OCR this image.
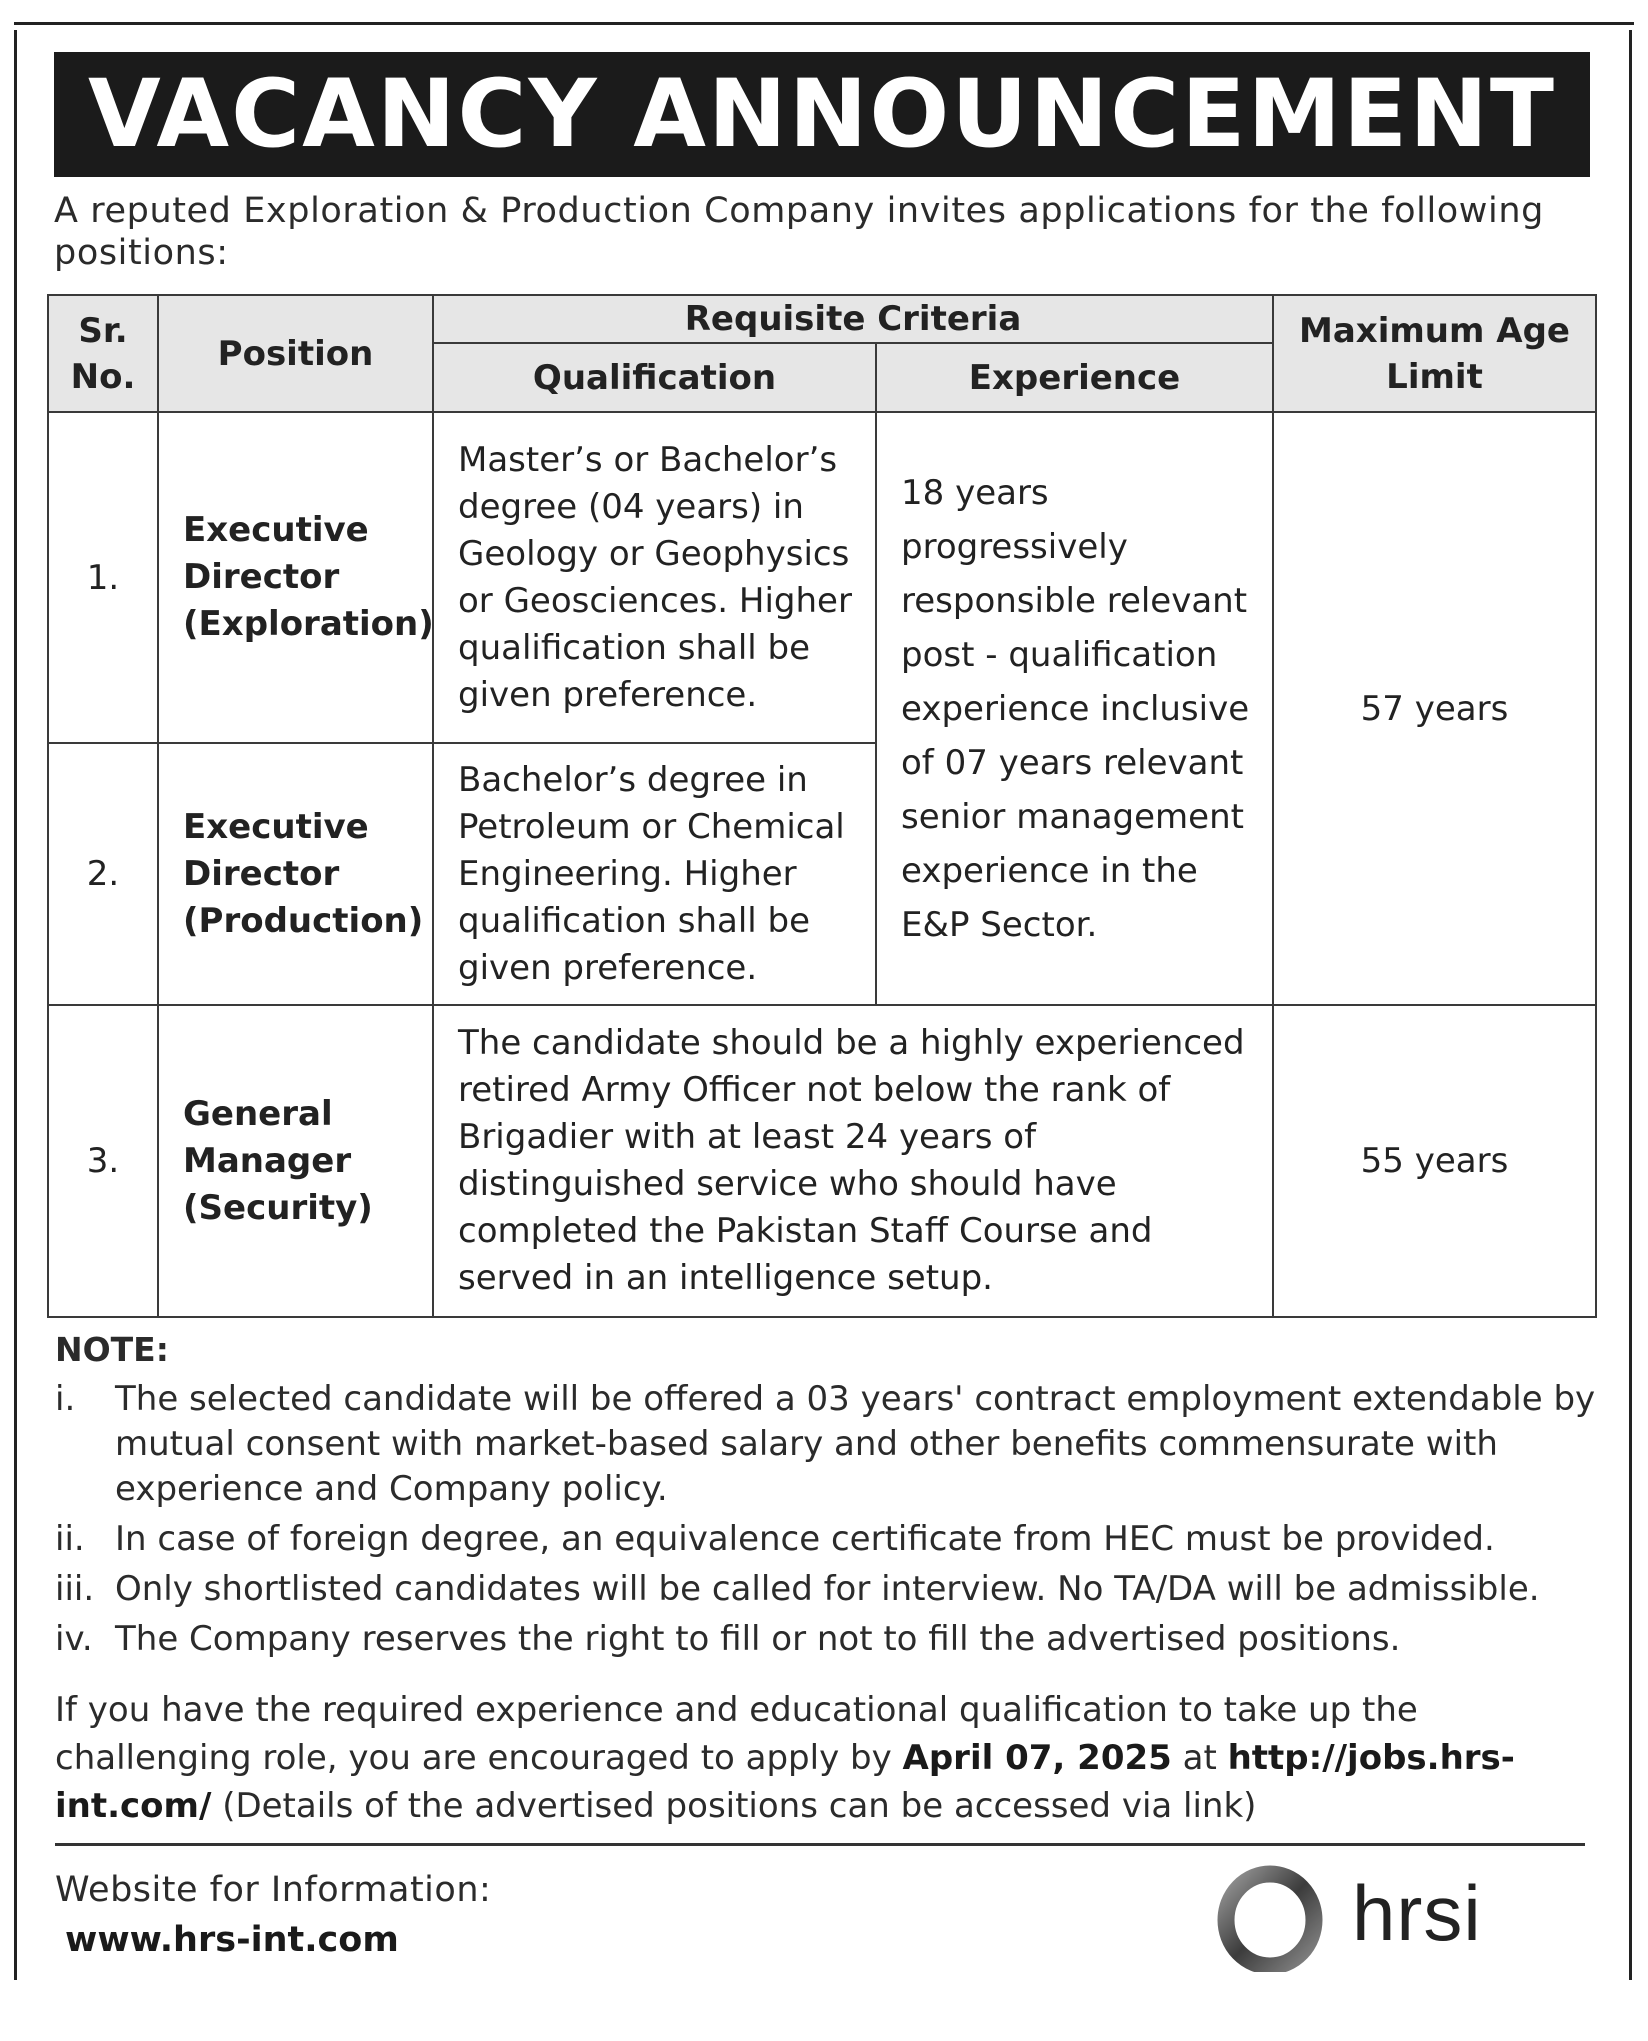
VACANCY ANNOUNCEMENT
A reputed Exploration & Production Company invites applications for the following positions:
Sr. No.	Position	Requisite Criteria		Maximum Age Limit
		Qualification	Experience	
1.	Executive Director (Exploration)	Master’s or Bachelor’s degree (04 years) in Geology or Geophysics or Geosciences. Higher qualification shall be given preference.	18 years progressively responsible relevant post - qualification experience inclusive of 07 years relevant senior management experience in the E&P Sector.	57 years
2.	Executive Director (Production)	Bachelor’s degree in Petroleum or Chemical Engineering. Higher qualification shall be given preference.		
3.	General Manager (Security)	The candidate should be a highly experienced retired Army Officer not below the rank of Brigadier with at least 24 years of distinguished service who should have completed the Pakistan Staff Course and served in an intelligence setup.		55 years
NOTE:
i.	The selected candidate will be offered a 03 years' contract employment extendable by mutual consent with market-based salary and other benefits commensurate with experience and Company policy.
ii. In case of foreign degree, an equivalence certificate from HEC must be provided.
iii. Only shortlisted candidates will be called for interview. No TA/DA will be admissible.
iv. The Company reserves the right to fill or not to fill the advertised positions.
If you have the required experience and educational qualification to take up the challenging role, you are encouraged to apply by April 07, 2025 at http://jobs.hrs-int.com/ (Details of the advertised positions can be accessed via link)
Website for Information:
www.hrs-int.com	hrsi
